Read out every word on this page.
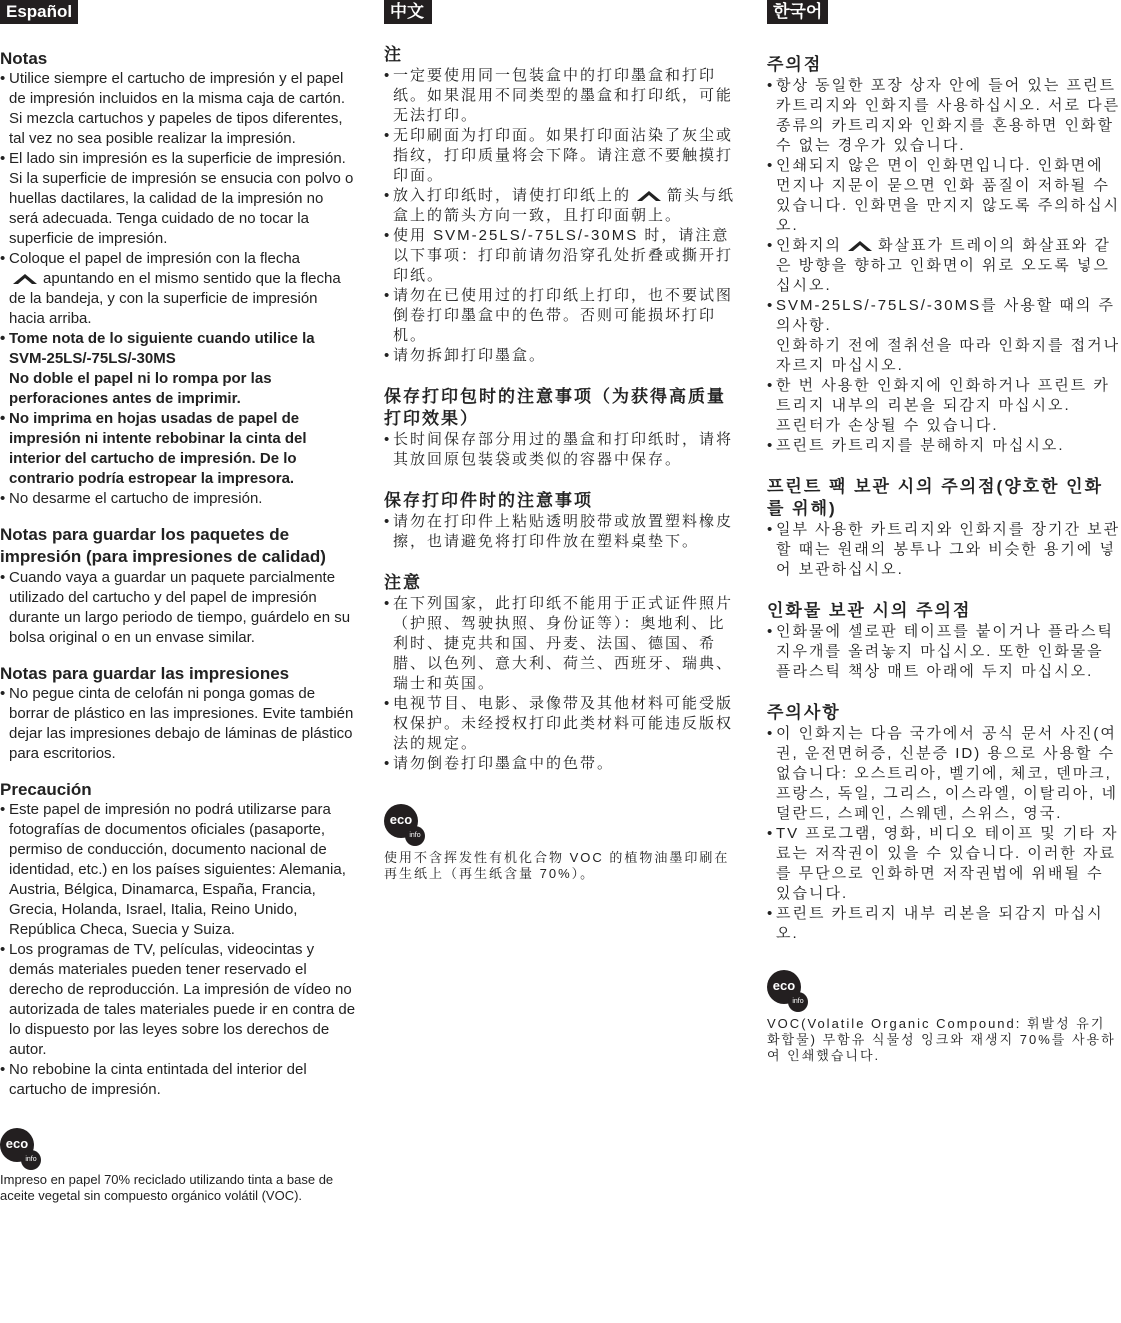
Español
Notas
• Utilice siempre el cartucho de impresión y el papel de impresión incluidos en la misma caja de cartón. Si mezcla cartuchos y papeles de tipos diferentes, tal vez no sea posible realizar la impresión.
• El lado sin impresión es la superficie de impresión. Si la superficie de impresión se ensucia con polvo o huellas dactilares, la calidad de la impresión no será adecuada. Tenga cuidado de no tocar la superficie de impresión.
• Coloque el papel de impresión con la flecha
apuntando en el mismo sentido que la flecha de la bandeja, y con la superficie de impresión hacia arriba.
• Tome nota de lo siguiente cuando utilice la SVM-25LS/-75LS/-30MS
No doble el papel ni lo rompa por las perforaciones antes de imprimir.
• No imprima en hojas usadas de papel de impresión ni intente rebobinar la cinta del interior del cartucho de impresión. De lo contrario podría estropear la impresora.
• No desarme el cartucho de impresión.
Notas para guardar los paquetes de impresión (para impresiones de calidad)
• Cuando vaya a guardar un paquete parcialmente utilizado del cartucho y del papel de impresión durante un largo periodo de tiempo, guárdelo en su bolsa original o en un envase similar.
Notas para guardar las impresiones
• No pegue cinta de celofán ni ponga gomas de borrar de plástico en las impresiones. Evite también dejar las impresiones debajo de láminas de plástico para escritorios.
Precaución
• Este papel de impresión no podrá utilizarse para fotografías de documentos oficiales (pasaporte, permiso de conducción, documento nacional de identidad, etc.) en los países siguientes: Alemania, Austria, Bélgica, Dinamarca, España, Francia, Grecia, Holanda, Israel, Italia, Reino Unido, República Checa, Suecia y Suiza.
• Los programas de TV, películas, videocintas y demás materiales pueden tener reservado el derecho de reproducción. La impresión de vídeo no autorizada de tales materiales puede ir en contra de lo dispuesto por las leyes sobre los derechos de autor.
• No rebobine la cinta entintada del interior del cartucho de impresión.
eco
info
Impreso en papel 70% reciclado utilizando tinta a base de aceite vegetal sin compuesto orgánico volátil (VOC).
中文
注
• 一定要使用同一包装盒中的打印墨盒和打印纸。如果混用不同类型的墨盒和打印纸，可能无法打印。
• 无印刷面为打印面。如果打印面沾染了灰尘或指纹，打印质量将会下降。请注意不要触摸打印面。
• 放入打印纸时，请使打印纸上的 箭头与纸盒上的箭头方向一致，且打印面朝上。
• 使用 SVM-25LS/-75LS/-30MS 时，请注意以下事项：打印前请勿沿穿孔处折叠或撕开打印纸。
• 请勿在已使用过的打印纸上打印，也不要试图倒卷打印墨盒中的色带。否则可能损坏打印机。
• 请勿拆卸打印墨盒。
保存打印包时的注意事项（为获得高质量打印效果）
• 长时间保存部分用过的墨盒和打印纸时，请将其放回原包装袋或类似的容器中保存。
保存打印件时的注意事项
• 请勿在打印件上粘贴透明胶带或放置塑料橡皮擦，也请避免将打印件放在塑料桌垫下。
注意
• 在下列国家，此打印纸不能用于正式证件照片（护照、驾驶执照、身份证等）：奥地利、比利时、捷克共和国、丹麦、法国、德国、希腊、以色列、意大利、荷兰、西班牙、瑞典、瑞士和英国。
• 电视节目、电影、录像带及其他材料可能受版权保护。未经授权打印此类材料可能违反版权法的规定。
• 请勿倒卷打印墨盒中的色带。
eco
info
使用不含挥发性有机化合物 VOC 的植物油墨印刷在再生纸上（再生纸含量 70%）。
한국어
주의점
• 항상 동일한 포장 상자 안에 들어 있는 프린트 카트리지와 인화지를 사용하십시오. 서로 다른 종류의 카트리지와 인화지를 혼용하면 인화할 수 없는 경우가 있습니다.
• 인쇄되지 않은 면이 인화면입니다. 인화면에 먼지나 지문이 묻으면 인화 품질이 저하될 수 있습니다. 인화면을 만지지 않도록 주의하십시오.
• 인화지의 화살표가 트레이의 화살표와 같은 방향을 향하고 인화면이 위로 오도록 넣으십시오.
• SVM-25LS/-75LS/-30MS를 사용할 때의 주의사항.
인화하기 전에 절취선을 따라 인화지를 접거나 자르지 마십시오.
• 한 번 사용한 인화지에 인화하거나 프린트 카트리지 내부의 리본을 되감지 마십시오.
프린터가 손상될 수 있습니다.
• 프린트 카트리지를 분해하지 마십시오.
프린트 팩 보관 시의 주의점(양호한 인화를 위해)
• 일부 사용한 카트리지와 인화지를 장기간 보관할 때는 원래의 봉투나 그와 비슷한 용기에 넣어 보관하십시오.
인화물 보관 시의 주의점
• 인화물에 셀로판 테이프를 붙이거나 플라스틱 지우개를 올려놓지 마십시오. 또한 인화물을 플라스틱 책상 매트 아래에 두지 마십시오.
주의사항
• 이 인화지는 다음 국가에서 공식 문서 사진(여권, 운전면허증, 신분증 ID) 용으로 사용할 수 없습니다: 오스트리아, 벨기에, 체코, 덴마크, 프랑스, 독일, 그리스, 이스라엘, 이탈리아, 네덜란드, 스페인, 스웨덴, 스위스, 영국.
• TV 프로그램, 영화, 비디오 테이프 및 기타 자료는 저작권이 있을 수 있습니다. 이러한 자료를 무단으로 인화하면 저작권법에 위배될 수 있습니다.
• 프린트 카트리지 내부 리본을 되감지 마십시오.
eco
info
VOC(Volatile Organic Compound: 휘발성 유기 화합물) 무함유 식물성 잉크와 재생지 70%를 사용하여 인쇄했습니다.
